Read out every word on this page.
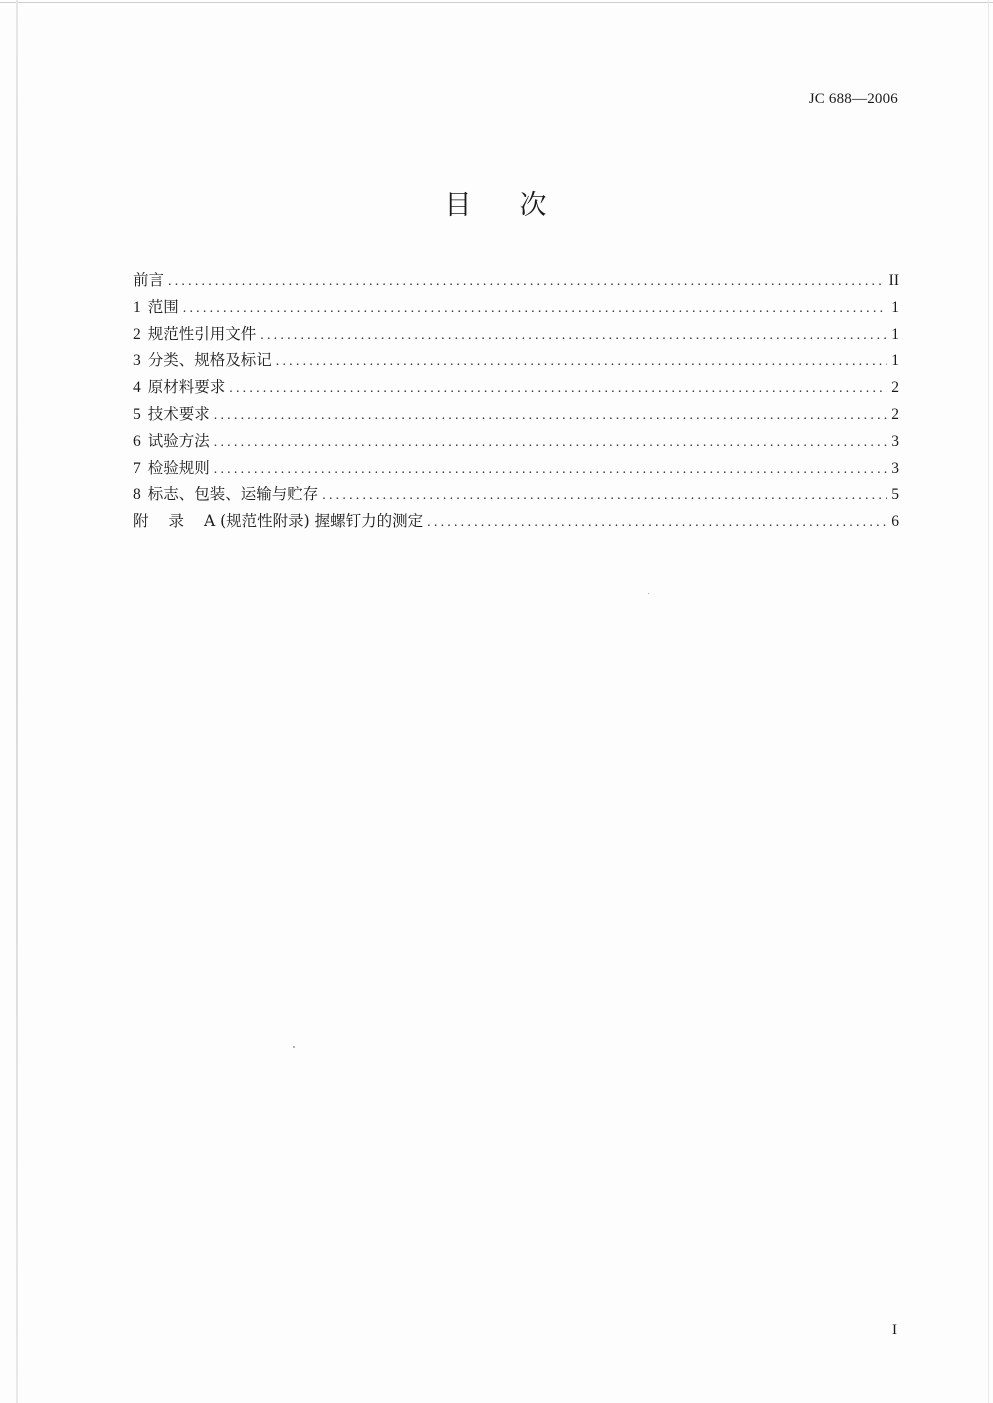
JC 688—2006
目 次
前言 .....	II
1 范围 .....	1
2 规范性引用文件 .....	1
3 分类、规格及标记 .....	1
4 原材料要求 .....	2
5 技术要求 .....	2
6 试验方法 .....	3
7 检验规则 .....	3
8 标志、包装、运输与贮存 .....	5
附录A (规范性附录) 握螺钉力的测定 .....	6
I
